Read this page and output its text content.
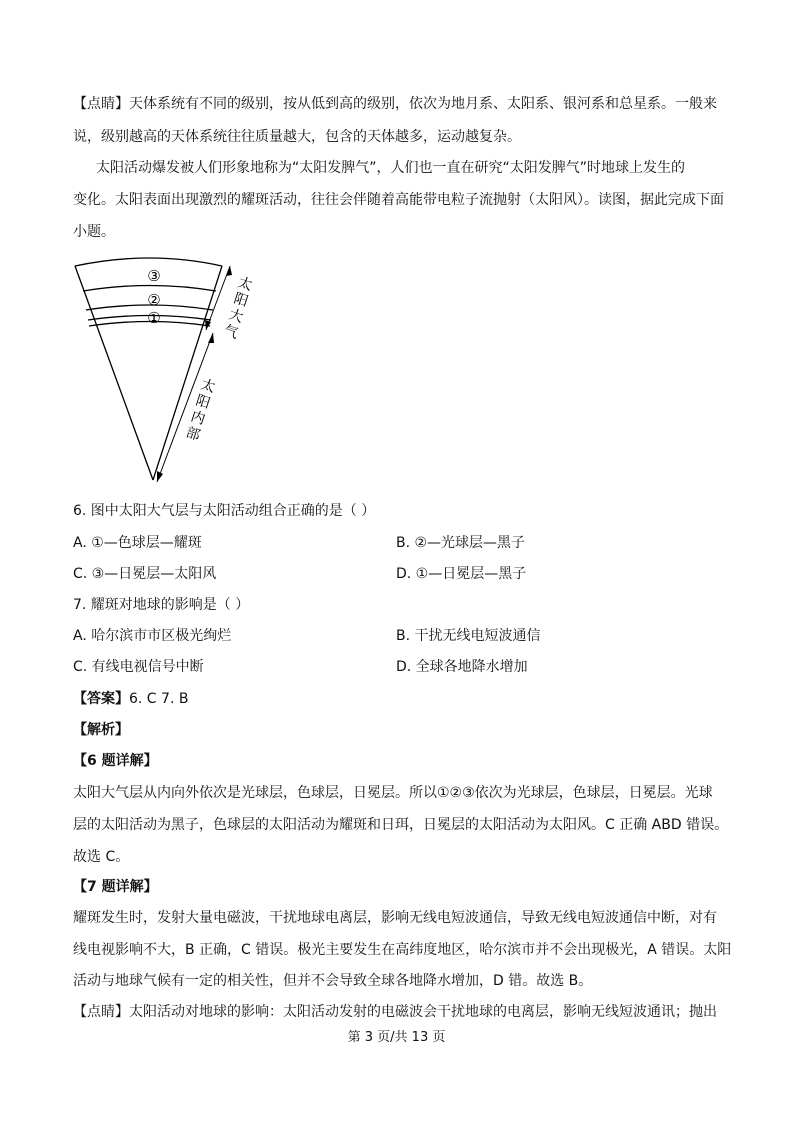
【点睛】天体系统有不同的级别，按从低到高的级别，依次为地月系、太阳系、银河系和总星系。一般来
说，级别越高的天体系统往往质量越大，包含的天体越多，运动越复杂。
太阳活动爆发被人们形象地称为“太阳发脾气”，人们也一直在研究“太阳发脾气”时地球上发生的
变化。太阳表面出现激烈的耀斑活动，往往会伴随着高能带电粒子流抛射（太阳风）。读图，据此完成下面
小题。
③
②
①
太
阳
大
气
太
阳
内
部
6. 图中太阳大气层与太阳活动组合正确的是（ ）
A. ①—色球层—耀斑	B. ②—光球层—黑子
C. ③—日冕层—太阳风	D. ①—日冕层—黑子
7. 耀斑对地球的影响是（ ）
A. 哈尔滨市市区极光绚烂	B. 干扰无线电短波通信
C. 有线电视信号中断	D. 全球各地降水增加
【答案】6. C 7. B
【解析】
【6 题详解】
太阳大气层从内向外依次是光球层，色球层，日冕层。所以①②③依次为光球层，色球层，日冕层。光球
层的太阳活动为黑子，色球层的太阳活动为耀斑和日珥，日冕层的太阳活动为太阳风。C 正确 ABD 错误。
故选 C。
【7 题详解】
耀斑发生时，发射大量电磁波，干扰地球电离层，影响无线电短波通信，导致无线电短波通信中断，对有
线电视影响不大，B 正确，C 错误。极光主要发生在高纬度地区，哈尔滨市并不会出现极光，A 错误。太阳
活动与地球气候有一定的相关性，但并不会导致全球各地降水增加，D 错。故选 B。
【点睛】太阳活动对地球的影响：太阳活动发射的电磁波会干扰地球的电离层，影响无线短波通讯；抛出
第 3 页/共 13 页
